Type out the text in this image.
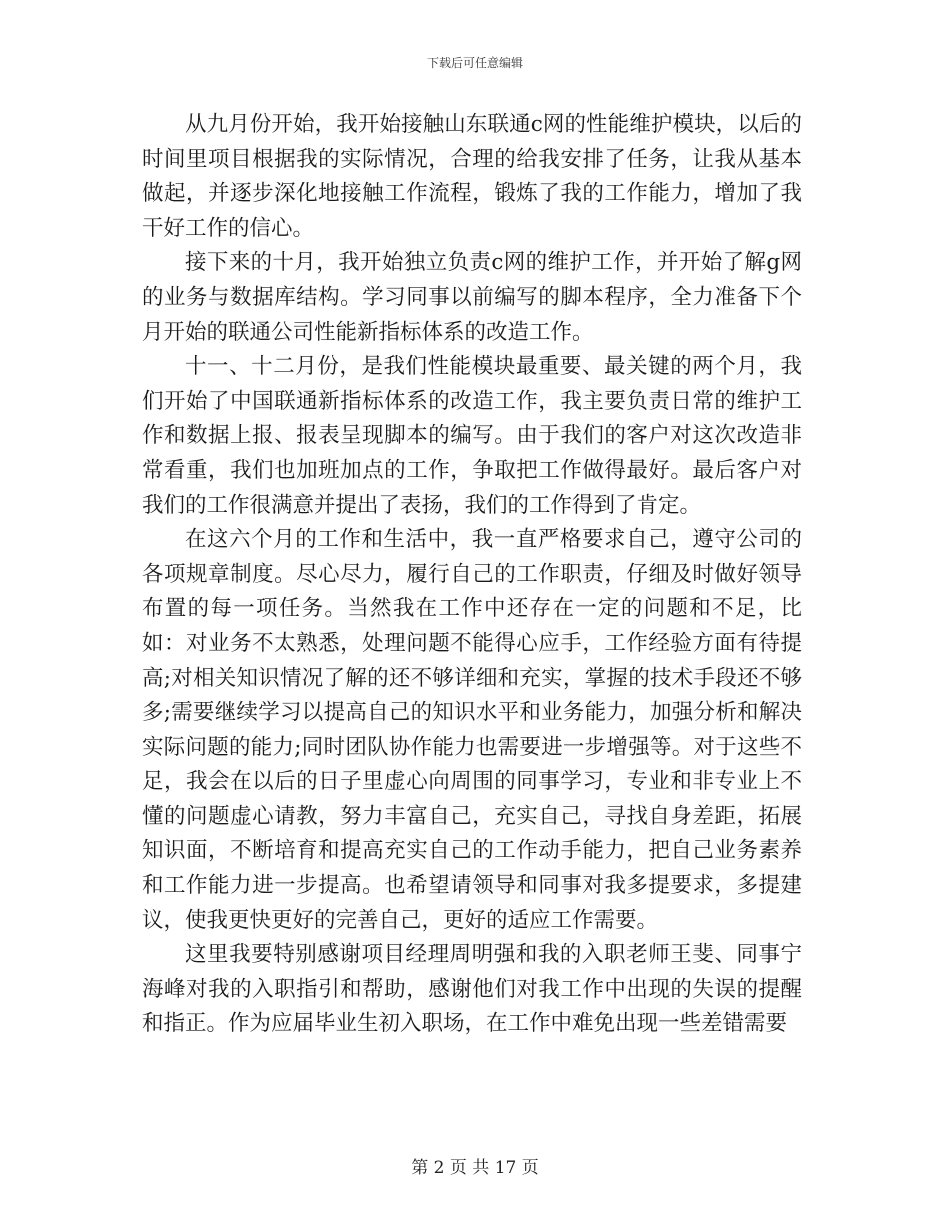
下载后可任意编辑

从九月份开始，我开始接触山东联通c网的性能维护模块，以后的时间里项目根据我的实际情况，合理的给我安排了任务，让我从基本做起，并逐步深化地接触工作流程，锻炼了我的工作能力，增加了我干好工作的信心。

接下来的十月，我开始独立负责c网的维护工作，并开始了解g网的业务与数据库结构。学习同事以前编写的脚本程序，全力准备下个月开始的联通公司性能新指标体系的改造工作。

十一、十二月份，是我们性能模块最重要、最关键的两个月，我们开始了中国联通新指标体系的改造工作，我主要负责日常的维护工作和数据上报、报表呈现脚本的编写。由于我们的客户对这次改造非常看重，我们也加班加点的工作，争取把工作做得最好。最后客户对我们的工作很满意并提出了表扬，我们的工作得到了肯定。

在这六个月的工作和生活中，我一直严格要求自己，遵守公司的各项规章制度。尽心尽力，履行自己的工作职责，仔细及时做好领导布置的每一项任务。当然我在工作中还存在一定的问题和不足，比如：对业务不太熟悉，处理问题不能得心应手，工作经验方面有待提高;对相关知识情况了解的还不够详细和充实，掌握的技术手段还不够多;需要继续学习以提高自己的知识水平和业务能力，加强分析和解决实际问题的能力;同时团队协作能力也需要进一步增强等。对于这些不足，我会在以后的日子里虚心向周围的同事学习，专业和非专业上不懂的问题虚心请教，努力丰富自己，充实自己，寻找自身差距，拓展知识面，不断培育和提高充实自己的工作动手能力，把自己业务素养和工作能力进一步提高。也希望请领导和同事对我多提要求，多提建议，使我更快更好的完善自己，更好的适应工作需要。

这里我要特别感谢项目经理周明强和我的入职老师王斐、同事宁海峰对我的入职指引和帮助，感谢他们对我工作中出现的失误的提醒和指正。作为应届毕业生初入职场，在工作中难免出现一些差错需要

第 2 页 共 17 页
